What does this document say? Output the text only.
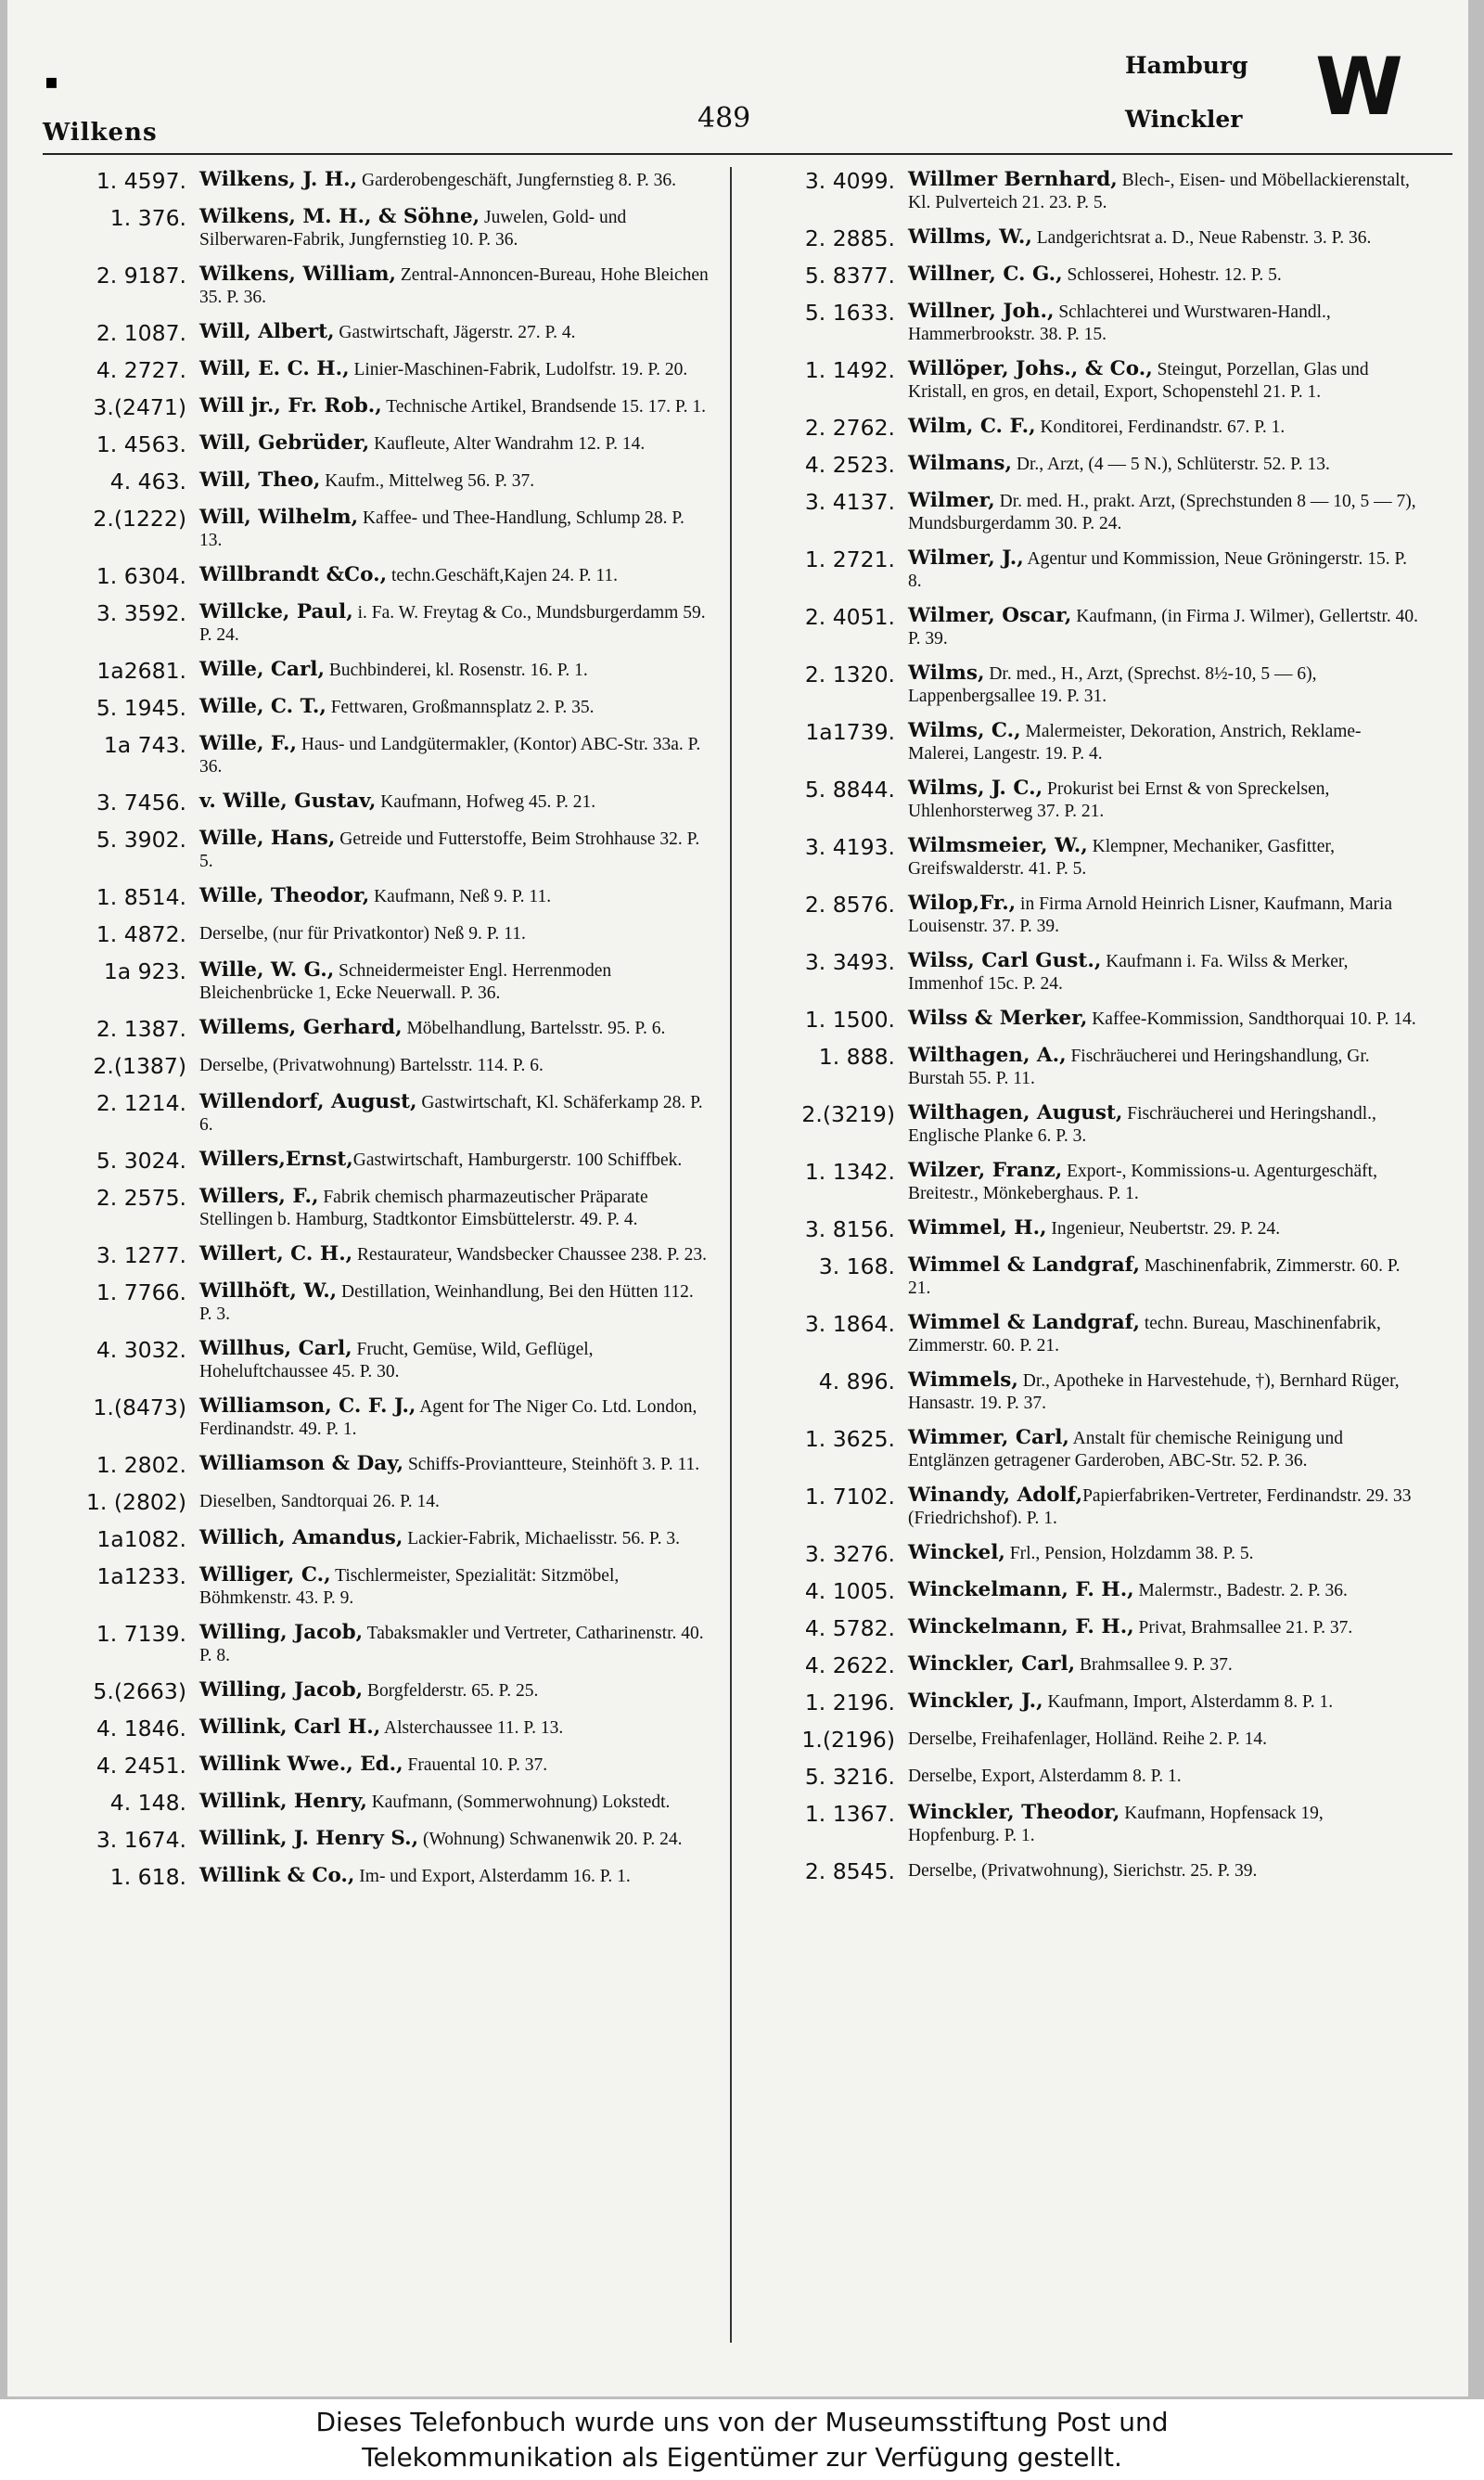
▪
Wilkens	489
Hamburg
Winckler W
1. 4597. Wilkens, J. H., Garderobengeschäft, Jungfernstieg 8. P. 36.
1. 376. Wilkens, M. H., & Söhne, Juwelen, Gold- und Silberwaren-Fabrik, Jungfernstieg 10. P. 36.
2. 9187. Wilkens, William, Zentral-Annoncen-Bureau, Hohe Bleichen 35. P. 36.
2. 1087. Will, Albert, Gastwirtschaft, Jägerstr. 27. P. 4.
4. 2727. Will, E. C. H., Linier-Maschinen-Fabrik, Ludolfstr. 19. P. 20.
3.(2471) Will jr., Fr. Rob., Technische Artikel, Brandsende 15. 17. P. 1.
1. 4563. Will, Gebrüder, Kaufleute, Alter Wandrahm 12. P. 14.
4. 463. Will, Theo, Kaufm., Mittelweg 56. P. 37.
2.(1222) Will, Wilhelm, Kaffee- und Thee-Handlung, Schlump 28. P. 13.
1. 6304. Willbrandt &Co., techn.Geschäft,Kajen 24. P. 11.
3. 3592. Willcke, Paul, i. Fa. W. Freytag & Co., Mundsburgerdamm 59. P. 24.
1a2681. Wille, Carl, Buchbinderei, kl. Rosenstr. 16. P. 1.
5. 1945. Wille, C. T., Fettwaren, Großmannsplatz 2. P. 35.
1a 743. Wille, F., Haus- und Landgütermakler, (Kontor) ABC-Str. 33a. P. 36.
3. 7456. v. Wille, Gustav, Kaufmann, Hofweg 45. P. 21.
5. 3902. Wille, Hans, Getreide und Futterstoffe, Beim Strohhause 32. P. 5.
1. 8514. Wille, Theodor, Kaufmann, Neß 9. P. 11.
1. 4872. Derselbe, (nur für Privatkontor) Neß 9. P. 11.
1a 923. Wille, W. G., Schneidermeister Engl. Herrenmoden Bleichenbrücke 1, Ecke Neuerwall. P. 36.
2. 1387. Willems, Gerhard, Möbelhandlung, Bartelsstr. 95. P. 6.
2.(1387) Derselbe, (Privatwohnung) Bartelsstr. 114. P. 6.
2. 1214. Willendorf, August, Gastwirtschaft, Kl. Schäferkamp 28. P. 6.
5. 3024. Willers,Ernst,Gastwirtschaft, Hamburgerstr. 100 Schiffbek.
2. 2575. Willers, F., Fabrik chemisch pharmazeutischer Präparate Stellingen b. Hamburg, Stadtkontor Eimsbüttelerstr. 49. P. 4.
3. 1277. Willert, C. H., Restaurateur, Wandsbecker Chaussee 238. P. 23.
1. 7766. Willhöft, W., Destillation, Weinhandlung, Bei den Hütten 112. P. 3.
4. 3032. Willhus, Carl, Frucht, Gemüse, Wild, Geflügel, Hoheluftchaussee 45. P. 30.
1.(8473) Williamson, C. F. J., Agent for The Niger Co. Ltd. London, Ferdinandstr. 49. P. 1.
1. 2802. Williamson & Day, Schiffs-Proviantteure, Steinhöft 3. P. 11.
1. (2802) Dieselben, Sandtorquai 26. P. 14.
1a1082. Willich, Amandus, Lackier-Fabrik, Michaelisstr. 56. P. 3.
1a1233. Williger, C., Tischlermeister, Spezialität: Sitzmöbel, Böhmkenstr. 43. P. 9.
1. 7139. Willing, Jacob, Tabaksmakler und Vertreter, Catharinenstr. 40. P. 8.
5.(2663) Willing, Jacob, Borgfelderstr. 65. P. 25.
4. 1846. Willink, Carl H., Alsterchaussee 11. P. 13.
4. 2451. Willink Wwe., Ed., Frauental 10. P. 37.
4. 148. Willink, Henry, Kaufmann, (Sommerwohnung) Lokstedt.
3. 1674. Willink, J. Henry S., (Wohnung) Schwanenwik 20. P. 24.
1. 618. Willink & Co., Im- und Export, Alsterdamm 16. P. 1.
3. 4099. Willmer Bernhard, Blech-, Eisen- und Möbellackierenstalt, Kl. Pulverteich 21. 23. P. 5.
2. 2885. Willms, W., Landgerichtsrat a. D., Neue Rabenstr. 3. P. 36.
5. 8377. Willner, C. G., Schlosserei, Hohestr. 12. P. 5.
5. 1633. Willner, Joh., Schlachterei und Wurstwaren-Handl., Hammerbrookstr. 38. P. 15.
1. 1492. Willöper, Johs., & Co., Steingut, Porzellan, Glas und Kristall, en gros, en detail, Export, Schopenstehl 21. P. 1.
2. 2762. Wilm, C. F., Konditorei, Ferdinandstr. 67. P. 1.
4. 2523. Wilmans, Dr., Arzt, (4 — 5 N.), Schlüterstr. 52. P. 13.
3. 4137. Wilmer, Dr. med. H., prakt. Arzt, (Sprechstunden 8 — 10, 5 — 7), Mundsburgerdamm 30. P. 24.
1. 2721. Wilmer, J., Agentur und Kommission, Neue Gröningerstr. 15. P. 8.
2. 4051. Wilmer, Oscar, Kaufmann, (in Firma J. Wilmer), Gellertstr. 40. P. 39.
2. 1320. Wilms, Dr. med., H., Arzt, (Sprechst. 8½-10, 5 — 6), Lappenbergsallee 19. P. 31.
1a1739. Wilms, C., Malermeister, Dekoration, Anstrich, Reklame-Malerei, Langestr. 19. P. 4.
5. 8844. Wilms, J. C., Prokurist bei Ernst & von Spreckelsen, Uhlenhorsterweg 37. P. 21.
3. 4193. Wilmsmeier, W., Klempner, Mechaniker, Gasfitter, Greifswalderstr. 41. P. 5.
2. 8576. Wilop,Fr., in Firma Arnold Heinrich Lisner, Kaufmann, Maria Louisenstr. 37. P. 39.
3. 3493. Wilss, Carl Gust., Kaufmann i. Fa. Wilss & Merker, Immenhof 15c. P. 24.
1. 1500. Wilss & Merker, Kaffee-Kommission, Sandthorquai 10. P. 14.
1. 888. Wilthagen, A., Fischräucherei und Heringshandlung, Gr. Burstah 55. P. 11.
2.(3219) Wilthagen, August, Fischräucherei und Heringshandl., Englische Planke 6. P. 3.
1. 1342. Wilzer, Franz, Export-, Kommissions-u. Agenturgeschäft, Breitestr., Mönkeberghaus. P. 1.
3. 8156. Wimmel, H., Ingenieur, Neubertstr. 29. P. 24.
3. 168. Wimmel & Landgraf, Maschinenfabrik, Zimmerstr. 60. P. 21.
3. 1864. Wimmel & Landgraf, techn. Bureau, Maschinenfabrik, Zimmerstr. 60. P. 21.
4. 896. Wimmels, Dr., Apotheke in Harvestehude, †), Bernhard Rüger, Hansastr. 19. P. 37.
1. 3625. Wimmer, Carl, Anstalt für chemische Reinigung und Entglänzen getragener Garderoben, ABC-Str. 52. P. 36.
1. 7102. Winandy, Adolf,Papierfabriken-Vertreter, Ferdinandstr. 29. 33 (Friedrichshof). P. 1.
3. 3276. Winckel, Frl., Pension, Holzdamm 38. P. 5.
4. 1005. Winckelmann, F. H., Malermstr., Badestr. 2. P. 36.
4. 5782. Winckelmann, F. H., Privat, Brahmsallee 21. P. 37.
4. 2622. Winckler, Carl, Brahmsallee 9. P. 37.
1. 2196. Winckler, J., Kaufmann, Import, Alsterdamm 8. P. 1.
1.(2196) Derselbe, Freihafenlager, Holländ. Reihe 2. P. 14.
5. 3216. Derselbe, Export, Alsterdamm 8. P. 1.
1. 1367. Winckler, Theodor, Kaufmann, Hopfensack 19, Hopfenburg. P. 1.
2. 8545. Derselbe, (Privatwohnung), Sierichstr. 25. P. 39.
Dieses Telefonbuch wurde uns von der Museumsstiftung Post und
Telekommunikation als Eigentümer zur Verfügung gestellt.
